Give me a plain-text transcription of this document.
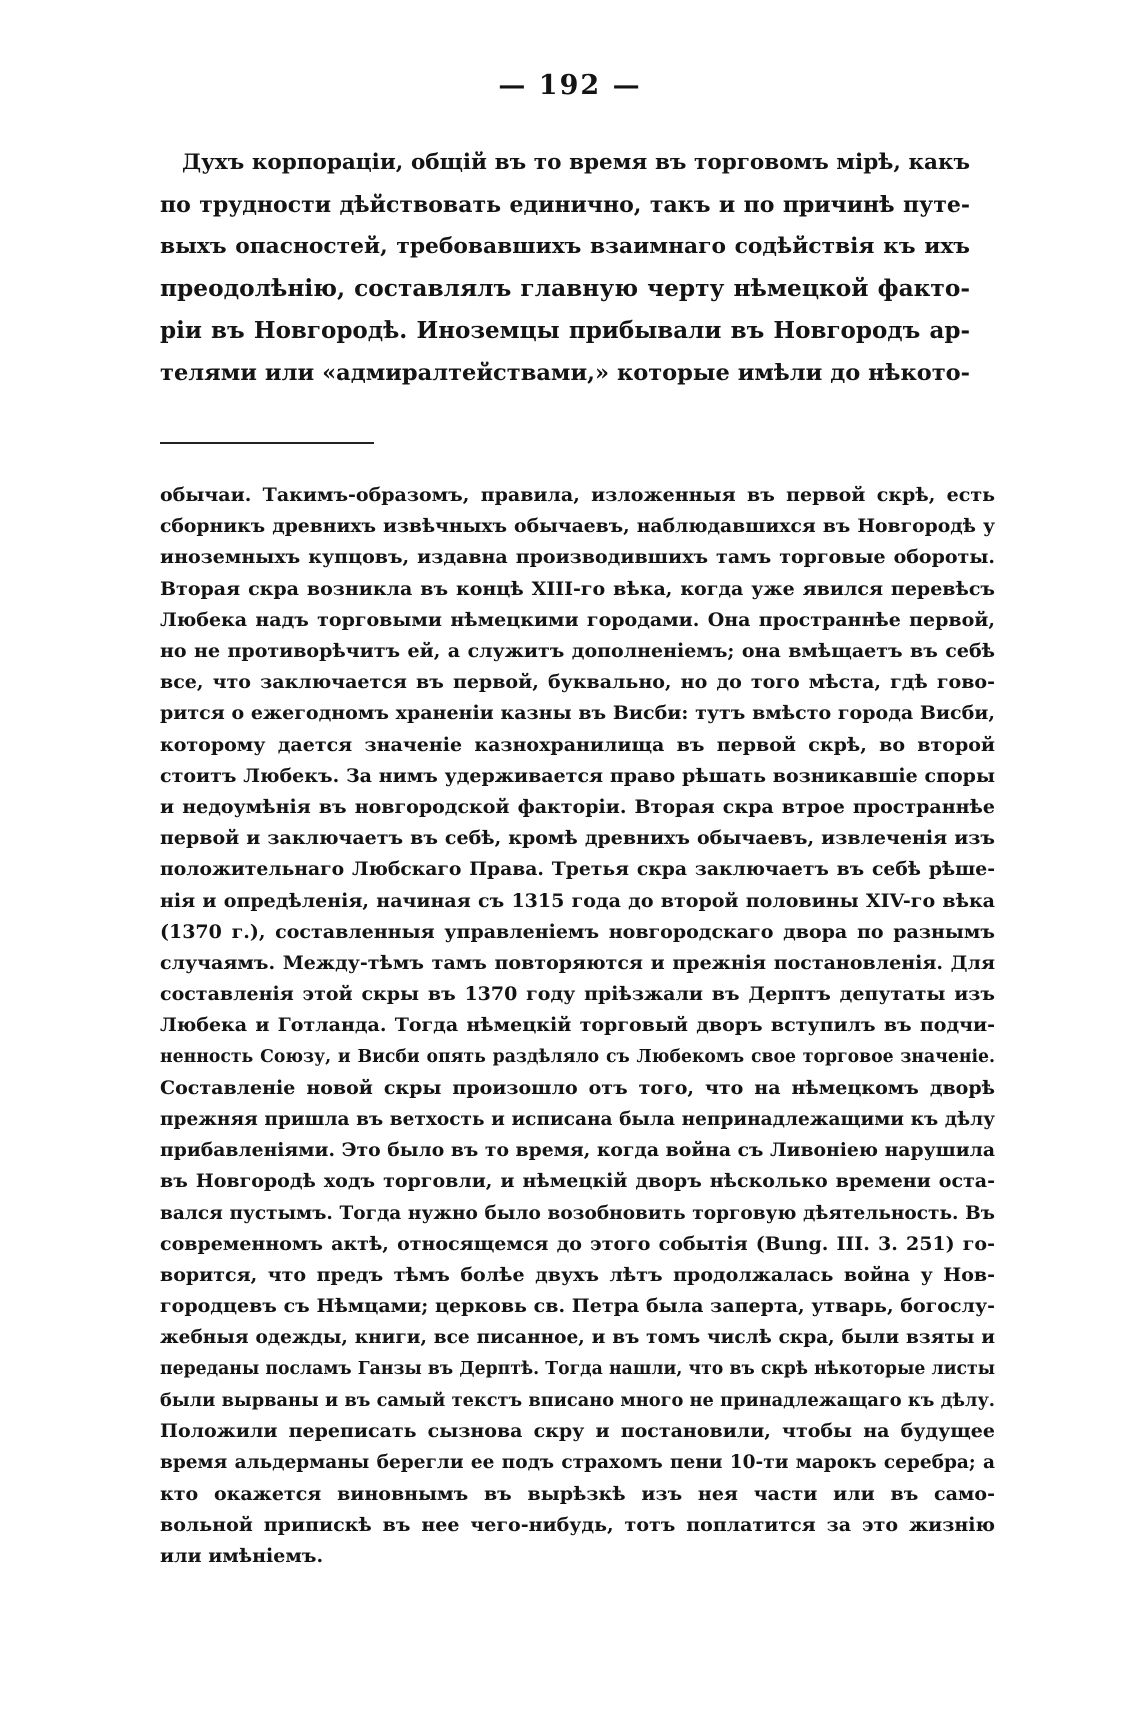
— 192 —
Духъ корпораціи, общій въ то время въ торговомъ мірѣ, какъ
по трудности дѣйствовать единично, такъ и по причинѣ путе-
выхъ опасностей, требовавшихъ взаимнаго содѣйствія къ ихъ
преодолѣнію, составлялъ главную черту нѣмецкой факто-
ріи въ Новгородѣ. Иноземцы прибывали въ Новгородъ ар-
телями или «адмиралтействами,» которые имѣли до нѣкото-
обычаи. Такимъ-образомъ, правила, изложенныя въ первой скрѣ, есть
сборникъ древнихъ извѣчныхъ обычаевъ, наблюдавшихся въ Новгородѣ у
иноземныхъ купцовъ, издавна производившихъ тамъ торговые обороты.
Вторая скра возникла въ концѣ XIII-го вѣка, когда уже явился перевѣсъ
Любека надъ торговыми нѣмецкими городами. Она пространнѣе первой,
но не противорѣчитъ ей, а служитъ дополненіемъ; она вмѣщаетъ въ себѣ
все, что заключается въ первой, буквально, но до того мѣста, гдѣ гово-
рится о ежегодномъ храненіи казны въ Висби: тутъ вмѣсто города Висби,
которому дается значеніе казнохранилища въ первой скрѣ, во второй
стоитъ Любекъ. За нимъ удерживается право рѣшать возникавшіе споры
и недоумѣнія въ новгородской факторіи. Вторая скра втрое пространнѣе
первой и заключаетъ въ себѣ, кромѣ древнихъ обычаевъ, извлеченія изъ
положительнаго Любскаго Права. Третья скра заключаетъ въ себѣ рѣше-
нія и опредѣленія, начиная съ 1315 года до второй половины XIV-го вѣка
(1370 г.), составленныя управленіемъ новгородскаго двора по разнымъ
случаямъ. Между-тѣмъ тамъ повторяются и прежнія постановленія. Для
составленія этой скры въ 1370 году пріѣзжали въ Дерптъ депутаты изъ
Любека и Готланда. Тогда нѣмецкій торговый дворъ вступилъ въ подчи-
ненность Союзу, и Висби опять раздѣляло съ Любекомъ свое торговое значеніе.
Составленіе новой скры произошло отъ того, что на нѣмецкомъ дворѣ
прежняя пришла въ ветхость и исписана была непринадлежащими къ дѣлу
прибавленіями. Это было въ то время, когда война съ Ливоніею нарушила
въ Новгородѣ ходъ торговли, и нѣмецкій дворъ нѣсколько времени оста-
вался пустымъ. Тогда нужно было возобновить торговую дѣятельность. Въ
современномъ актѣ, относящемся до этого событія (Bung. III. 3. 251) го-
ворится, что предъ тѣмъ болѣе двухъ лѣтъ продолжалась война у Нов-
городцевъ съ Нѣмцами; церковь св. Петра была заперта, утварь, богослу-
жебныя одежды, книги, все писанное, и въ томъ числѣ скра, были взяты и
переданы посламъ Ганзы въ Дерптѣ. Тогда нашли, что въ скрѣ нѣкоторые листы
были вырваны и въ самый текстъ вписано много не принадлежащаго къ дѣлу.
Положили переписать сызнова скру и постановили, чтобы на будущее
время альдерманы берегли ее подъ страхомъ пени 10-ти марокъ серебра; а
кто окажется виновнымъ въ вырѣзкѣ изъ нея части или въ само-
вольной припискѣ въ нее чего-нибудь, тотъ поплатится за это жизнію
или имѣніемъ.
